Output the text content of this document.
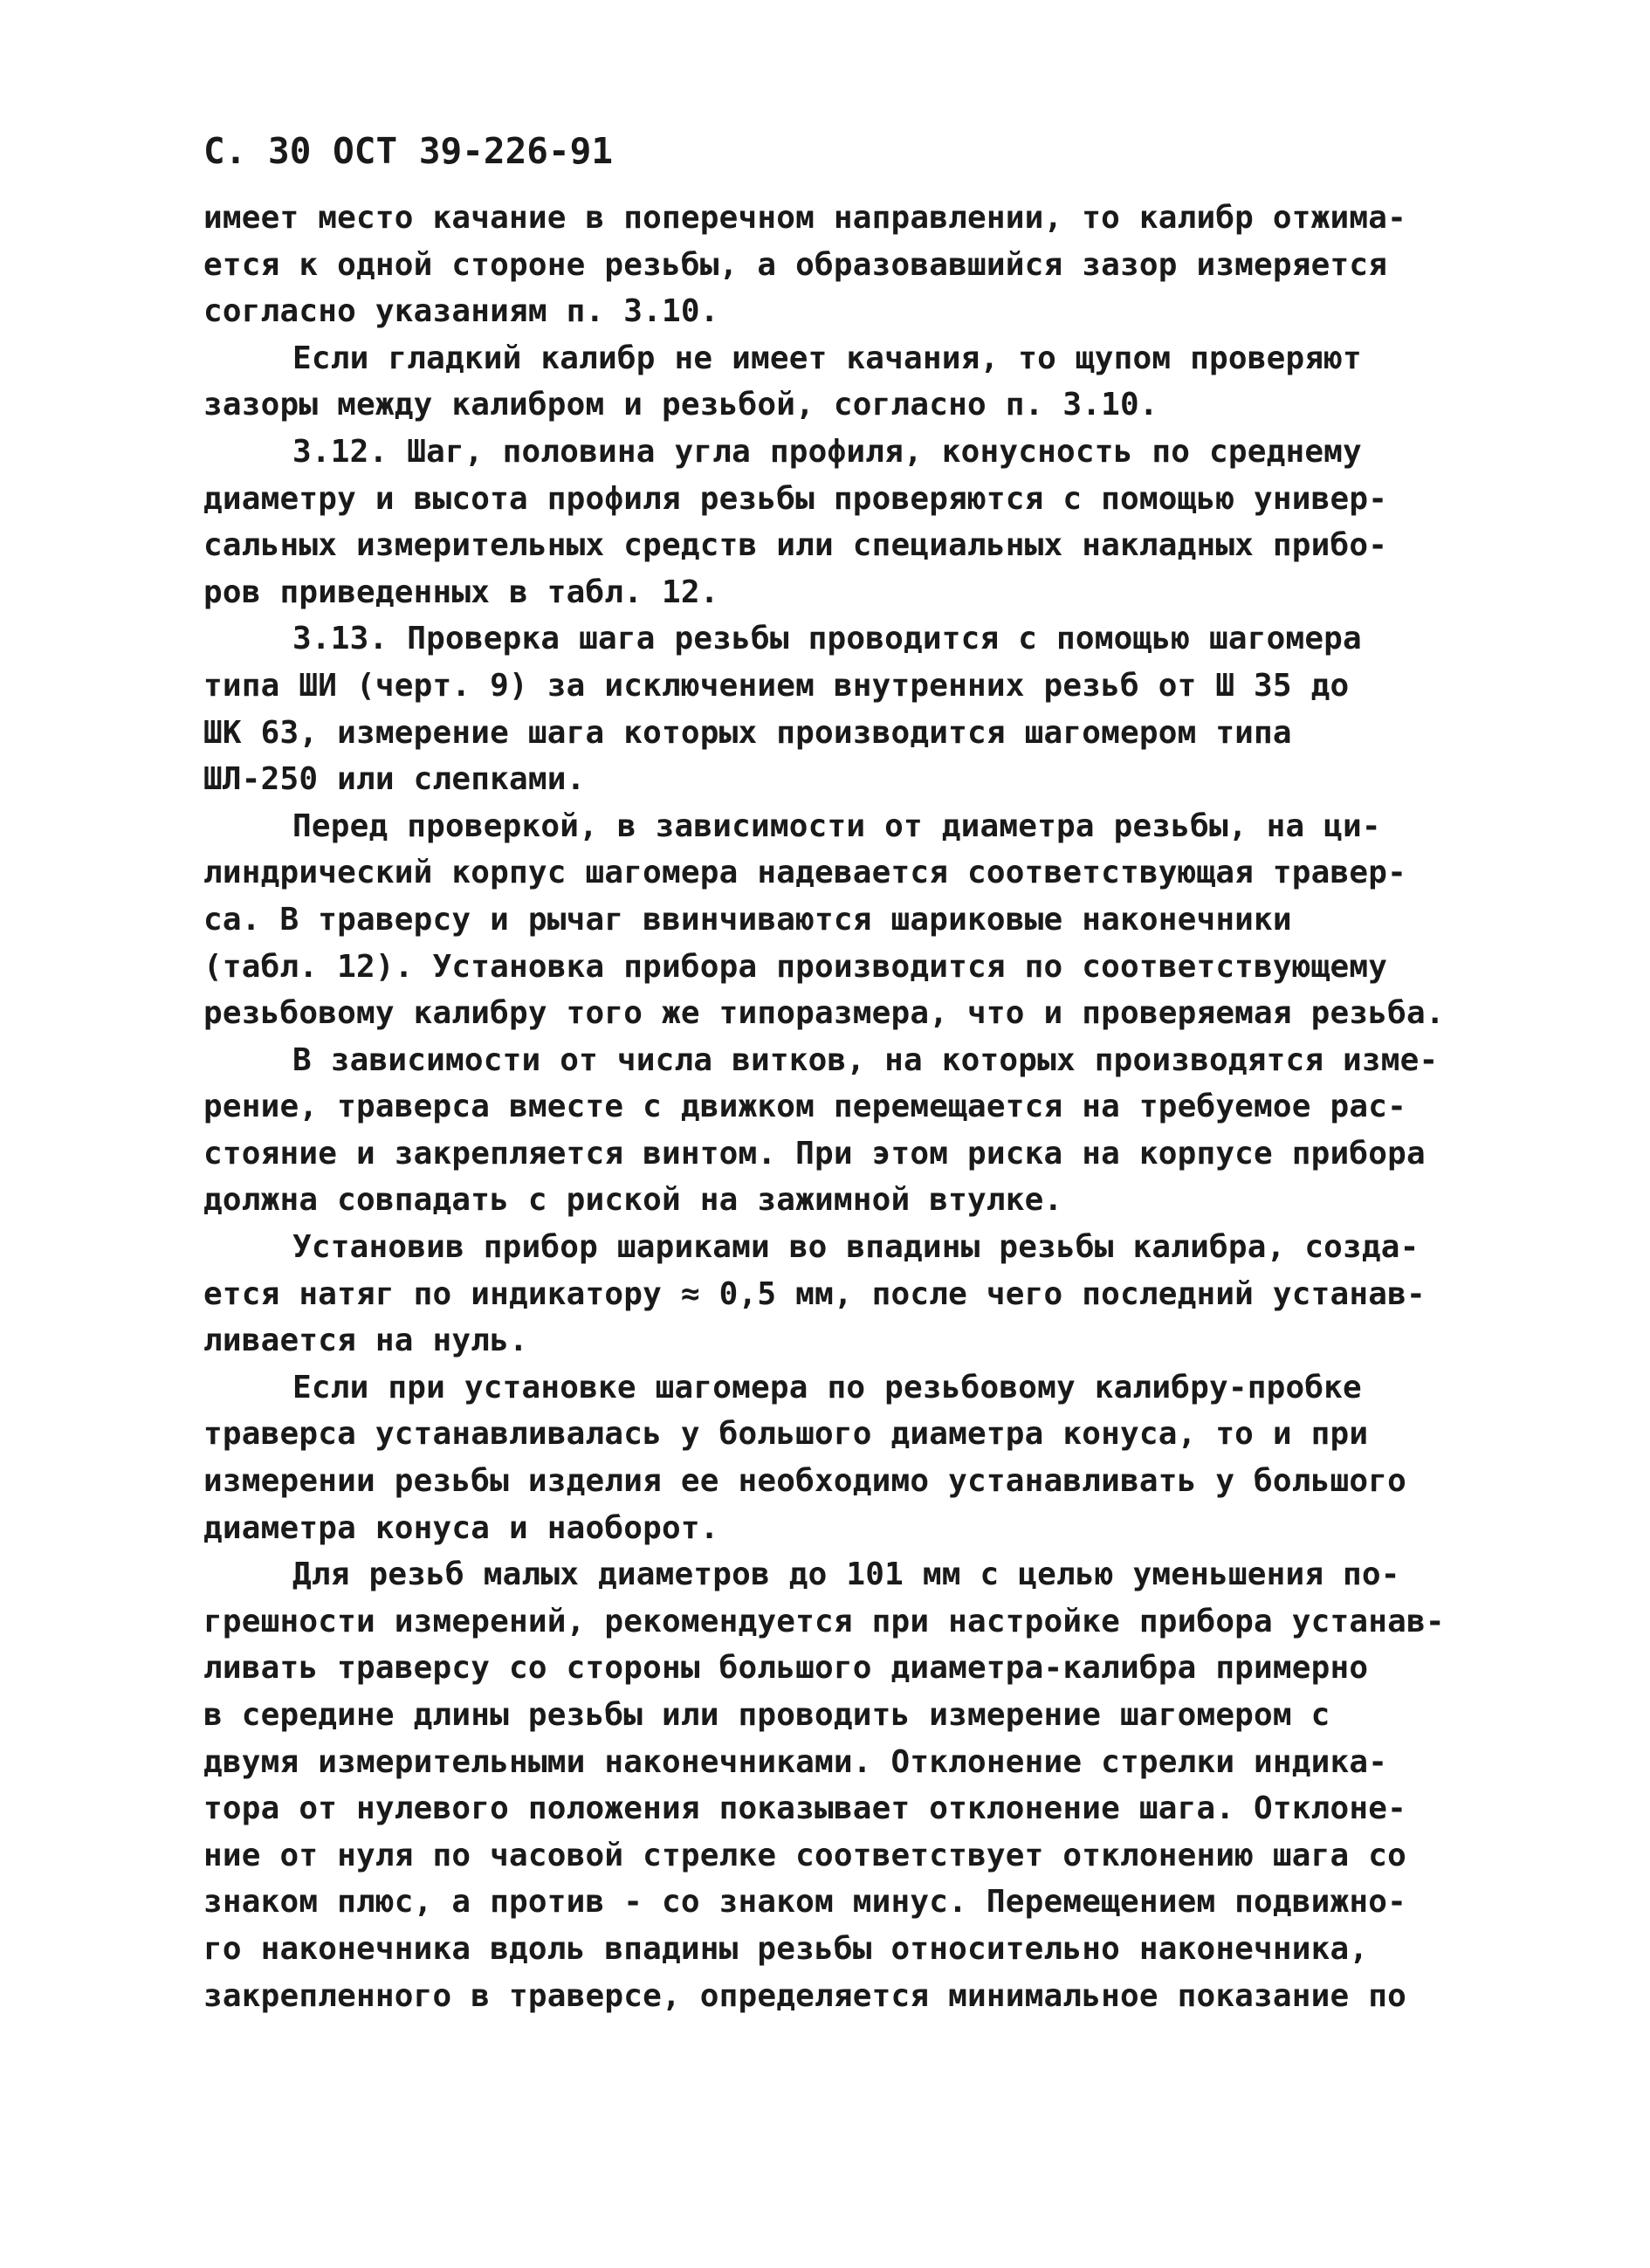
С. 30 ОСТ 39-226-91
имеет место качание в поперечном направлении, то калибр отжима-
ется к одной стороне резьбы, а образовавшийся зазор измеряется
согласно указаниям п. 3.10.
Если гладкий калибр не имеет качания, то щупом проверяют
зазоры между калибром и резьбой, согласно п. 3.10.
3.12. Шаг, половина угла профиля, конусность по среднему
диаметру и высота профиля резьбы проверяются с помощью универ-
сальных измерительных средств или специальных накладных прибо-
ров приведенных в табл. 12.
3.13. Проверка шага резьбы проводится с помощью шагомера
типа ШИ (черт. 9) за исключением внутренних резьб от Ш 35 до
ШК 63, измерение шага которых производится шагомером типа
ШЛ-250 или слепками.
Перед проверкой, в зависимости от диаметра резьбы, на ци-
линдрический корпус шагомера надевается соответствующая травер-
са. В траверсу и рычаг ввинчиваются шариковые наконечники
(табл. 12). Установка прибора производится по соответствующему
резьбовому калибру того же типоразмера, что и проверяемая резьба.
В зависимости от числа витков, на которых производятся изме-
рение, траверса вместе с движком перемещается на требуемое рас-
стояние и закрепляется винтом. При этом риска на корпусе прибора
должна совпадать с риской на зажимной втулке.
Установив прибор шариками во впадины резьбы калибра, созда-
ется натяг по индикатору ≈ 0,5 мм, после чего последний устанав-
ливается на нуль.
Если при установке шагомера по резьбовому калибру-пробке
траверса устанавливалась у большого диаметра конуса, то и при
измерении резьбы изделия ее необходимо устанавливать у большого
диаметра конуса и наоборот.
Для резьб малых диаметров до 101 мм с целью уменьшения по-
грешности измерений, рекомендуется при настройке прибора устанав-
ливать траверсу со стороны большого диаметра-калибра примерно
в середине длины резьбы или проводить измерение шагомером с
двумя измерительными наконечниками. Отклонение стрелки индика-
тора от нулевого положения показывает отклонение шага. Отклоне-
ние от нуля по часовой стрелке соответствует отклонению шага со
знаком плюс, а против - со знаком минус. Перемещением подвижно-
го наконечника вдоль впадины резьбы относительно наконечника,
закрепленного в траверсе, определяется минимальное показание по
